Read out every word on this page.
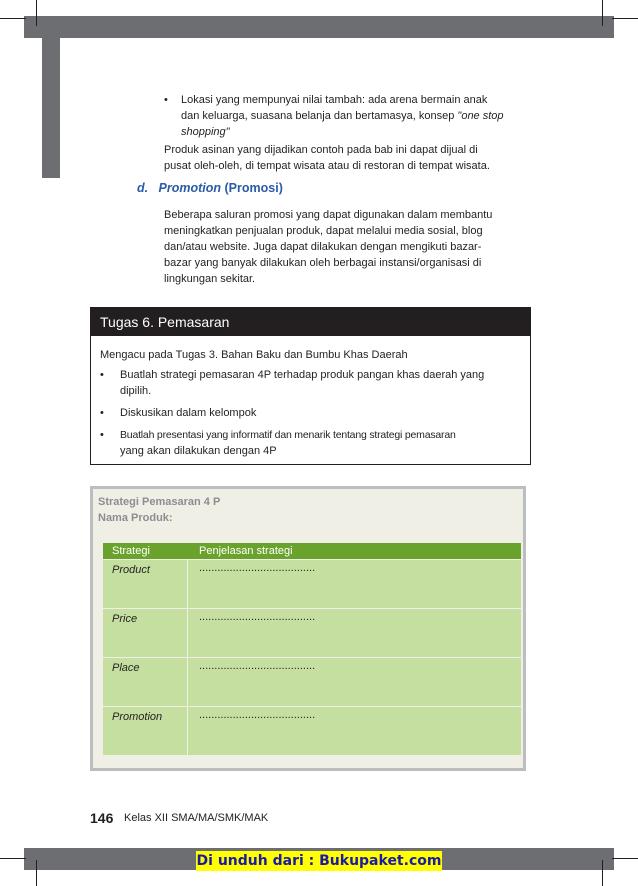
• Lokasi yang mempunyai nilai tambah: ada arena bermain anak
dan keluarga, suasana belanja dan bertamasya, konsep "one stop
shopping"
Produk asinan yang dijadikan contoh pada bab ini dapat dijual di
pusat oleh-oleh, di tempat wisata atau di restoran di tempat wisata.
d. Promotion (Promosi)
Beberapa saluran promosi yang dapat digunakan dalam membantu
meningkatkan penjualan produk, dapat melalui media sosial, blog
dan/atau website. Juga dapat dilakukan dengan mengikuti bazar-
bazar yang banyak dilakukan oleh berbagai instansi/organisasi di
lingkungan sekitar.
Tugas 6. Pemasaran
Mengacu pada Tugas 3. Bahan Baku dan Bumbu Khas Daerah
• Buatlah strategi pemasaran 4P terhadap produk pangan khas daerah yang
dipilih.
• Diskusikan dalam kelompok
• Buatlah presentasi yang informatif dan menarik tentang strategi pemasaran
yang akan dilakukan dengan 4P
Strategi Pemasaran 4 P
Nama Produk:
Strategi	Penjelasan strategi
Product	......................................
Price	......................................
Place	......................................
Promotion	......................................
146 Kelas XII SMA/MA/SMK/MAK
Di unduh dari : Bukupaket.com
